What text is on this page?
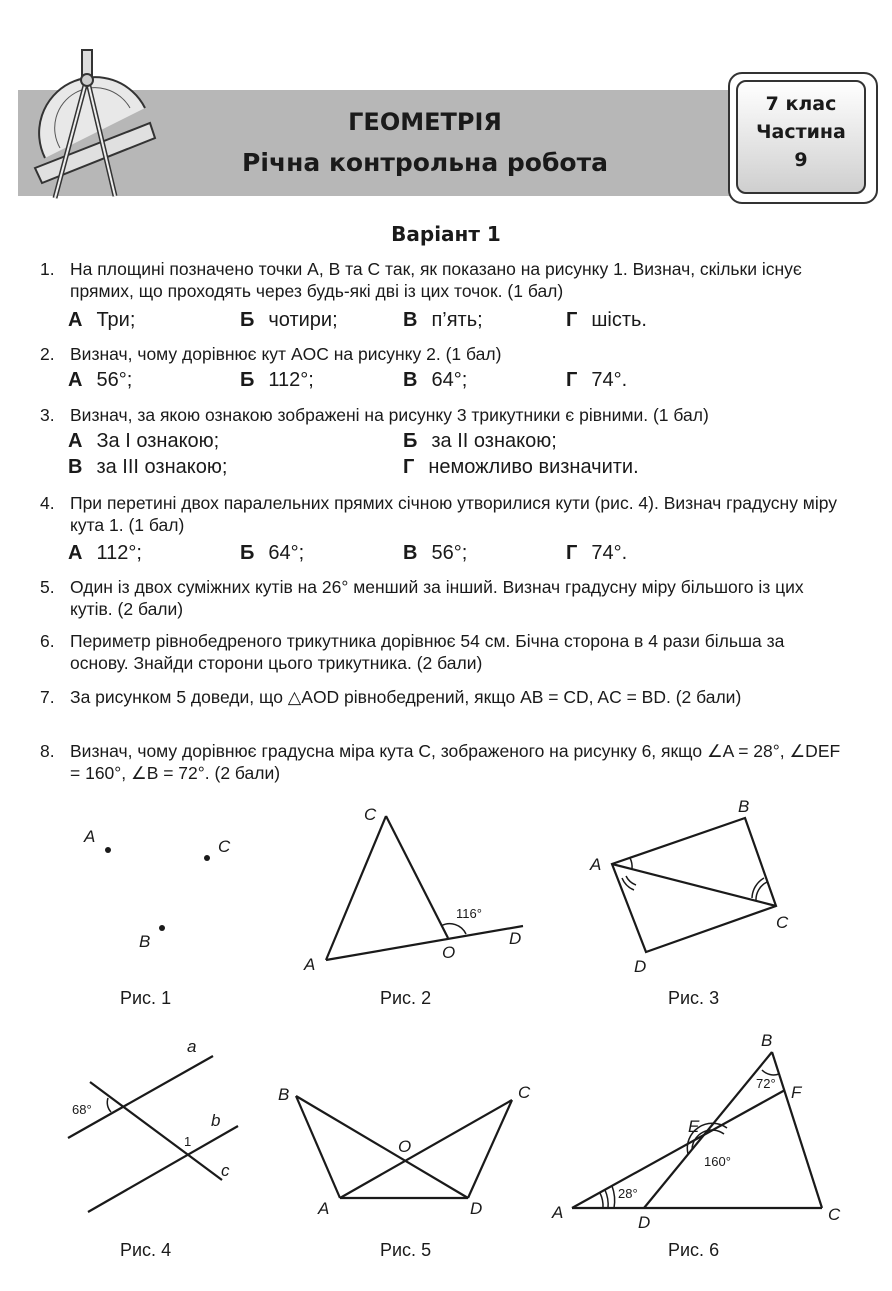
ГЕОМЕТРІЯ
Річна контрольна робота
7 клас
Частина
9
Варіант 1
1. На площині позначено точки A, B та C так, як показано на рисунку 1. Визнач, скільки існує прямих, що проходять через будь-які дві із цих точок. (1 бал)
А Три;	Б чотири;	В п’ять;	Г шість.
2. Визнач, чому дорівнює кут AOC на рисунку 2. (1 бал)
А 56°;	Б 112°;	В 64°;	Г 74°.
3. Визнач, за якою ознакою зображені на рисунку 3 трикутники є рівними. (1 бал)
А За I ознакою;	Б за II ознакою;
В за III ознакою;	Г неможливо визначити.
4. При перетині двох паралельних прямих січною утворилися кути (рис. 4). Визнач градусну міру кута 1. (1 бал)
А 112°;	Б 64°;	В 56°;	Г 74°.
5. Один із двох суміжних кутів на 26° менший за інший. Визнач градусну міру більшого із цих кутів. (2 бали)
6. Периметр рівнобедреного трикутника дорівнює 54 см. Бічна сторона в 4 рази більша за основу. Знайди сторони цього трикутника. (2 бали)
7. За рисунком 5 доведи, що △AOD рівнобедрений, якщо AB = CD, AC = BD. (2 бали)
8. Визнач, чому дорівнює градусна міра кута C, зображеного на рисунку 6, якщо ∠A = 28°, ∠DEF = 160°, ∠B = 72°. (2 бали)
A
C
B
C
A
O
D
116°
B
A
C
D
a
b
c
1
68°
B	C
O
A	D
B
F
E
A
D	C
72°
160°
28°
Рис. 1	Рис. 2	Рис. 3
Рис. 4	Рис. 5	Рис. 6
